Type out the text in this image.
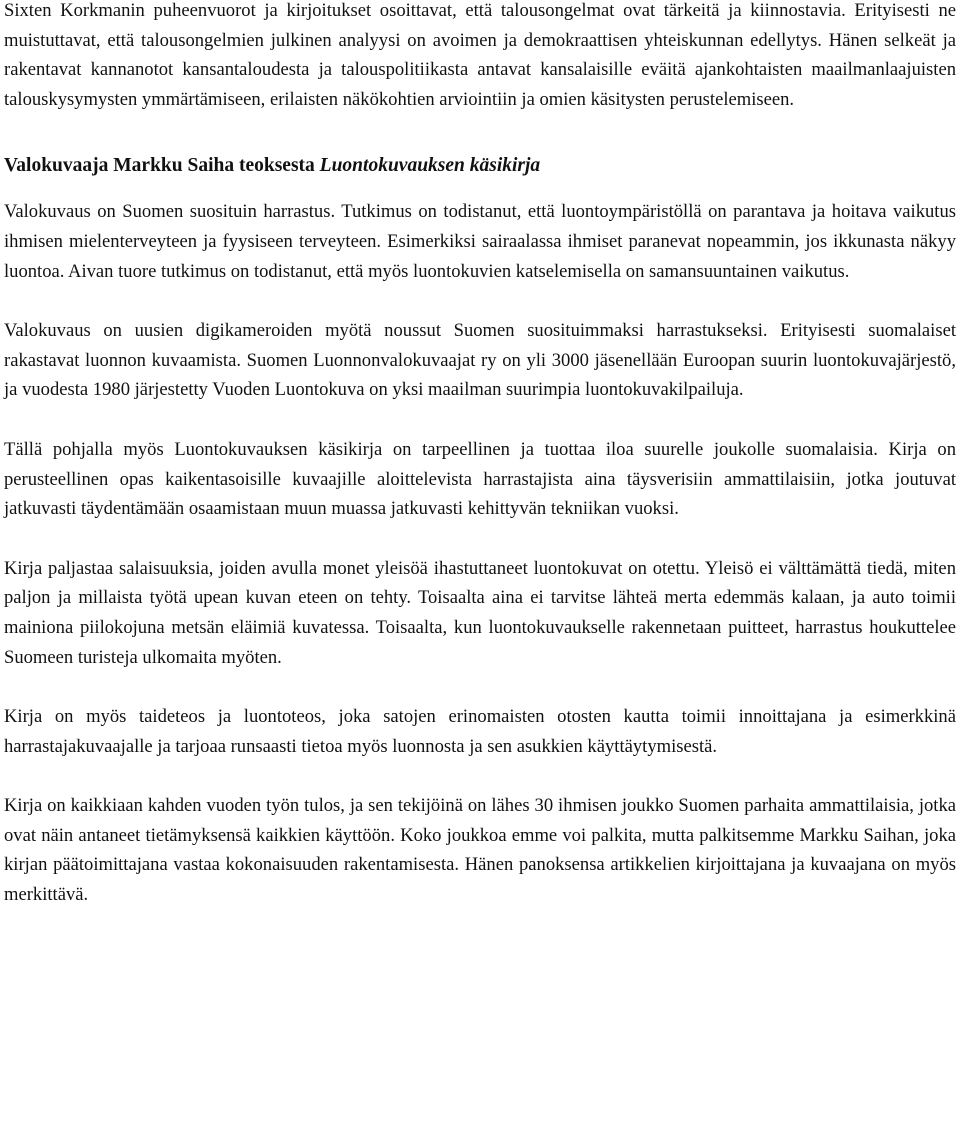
Sixten Korkmanin puheenvuorot ja kirjoitukset osoittavat, että talousongelmat ovat tärkeitä ja kiinnostavia. Erityisesti ne muistuttavat, että talousongelmien julkinen analyysi on avoimen ja demokraattisen yhteiskunnan edellytys. Hänen selkeät ja rakentavat kannanotot kansantaloudesta ja talouspolitiikasta antavat kansalaisille eväitä ajankohtaisten maailmanlaajuisten talouskysymysten ymmärtämiseen, erilaisten näkökohtien arviointiin ja omien käsitysten perustelemiseen.

Valokuvaaja Markku Saiha teoksesta Luontokuvauksen käsikirja

Valokuvaus on Suomen suosituin harrastus. Tutkimus on todistanut, että luontoympäristöllä on parantava ja hoitava vaikutus ihmisen mielenterveyteen ja fyysiseen terveyteen. Esimerkiksi sairaalassa ihmiset paranevat nopeammin, jos ikkunasta näkyy luontoa. Aivan tuore tutkimus on todistanut, että myös luontokuvien katselemisella on samansuuntainen vaikutus.

Valokuvaus on uusien digikameroiden myötä noussut Suomen suosituimmaksi harrastukseksi. Erityisesti suomalaiset rakastavat luonnon kuvaamista. Suomen Luonnonvalokuvaajat ry on yli 3000 jäsenellään Euroopan suurin luontokuvajärjestö, ja vuodesta 1980 järjestetty Vuoden Luontokuva on yksi maailman suurimpia luontokuvakilpailuja.

Tällä pohjalla myös Luontokuvauksen käsikirja on tarpeellinen ja tuottaa iloa suurelle joukolle suomalaisia. Kirja on perusteellinen opas kaikentasoisille kuvaajille aloittelevista harrastajista aina täysverisiin ammattilaisiin, jotka joutuvat jatkuvasti täydentämään osaamistaan muun muassa jatkuvasti kehittyvän tekniikan vuoksi.

Kirja paljastaa salaisuuksia, joiden avulla monet yleisöä ihastuttaneet luontokuvat on otettu. Yleisö ei välttämättä tiedä, miten paljon ja millaista työtä upean kuvan eteen on tehty. Toisaalta aina ei tarvitse lähteä merta edemmäs kalaan, ja auto toimii mainiona piilokojuna metsän eläimiä kuvatessa. Toisaalta, kun luontokuvaukselle rakennetaan puitteet, harrastus houkuttelee Suomeen turisteja ulkomaita myöten.

Kirja on myös taideteos ja luontoteos, joka satojen erinomaisten otosten kautta toimii innoittajana ja esimerkkinä harrastajakuvaajalle ja tarjoaa runsaasti tietoa myös luonnosta ja sen asukkien käyttäytymisestä.

Kirja on kaikkiaan kahden vuoden työn tulos, ja sen tekijöinä on lähes 30 ihmisen joukko Suomen parhaita ammattilaisia, jotka ovat näin antaneet tietämyksensä kaikkien käyttöön. Koko joukkoa emme voi palkita, mutta palkitsemme Markku Saihan, joka kirjan päätoimittajana vastaa kokonaisuuden rakentamisesta. Hänen panoksensa artikkelien kirjoittajana ja kuvaajana on myös merkittävä.
